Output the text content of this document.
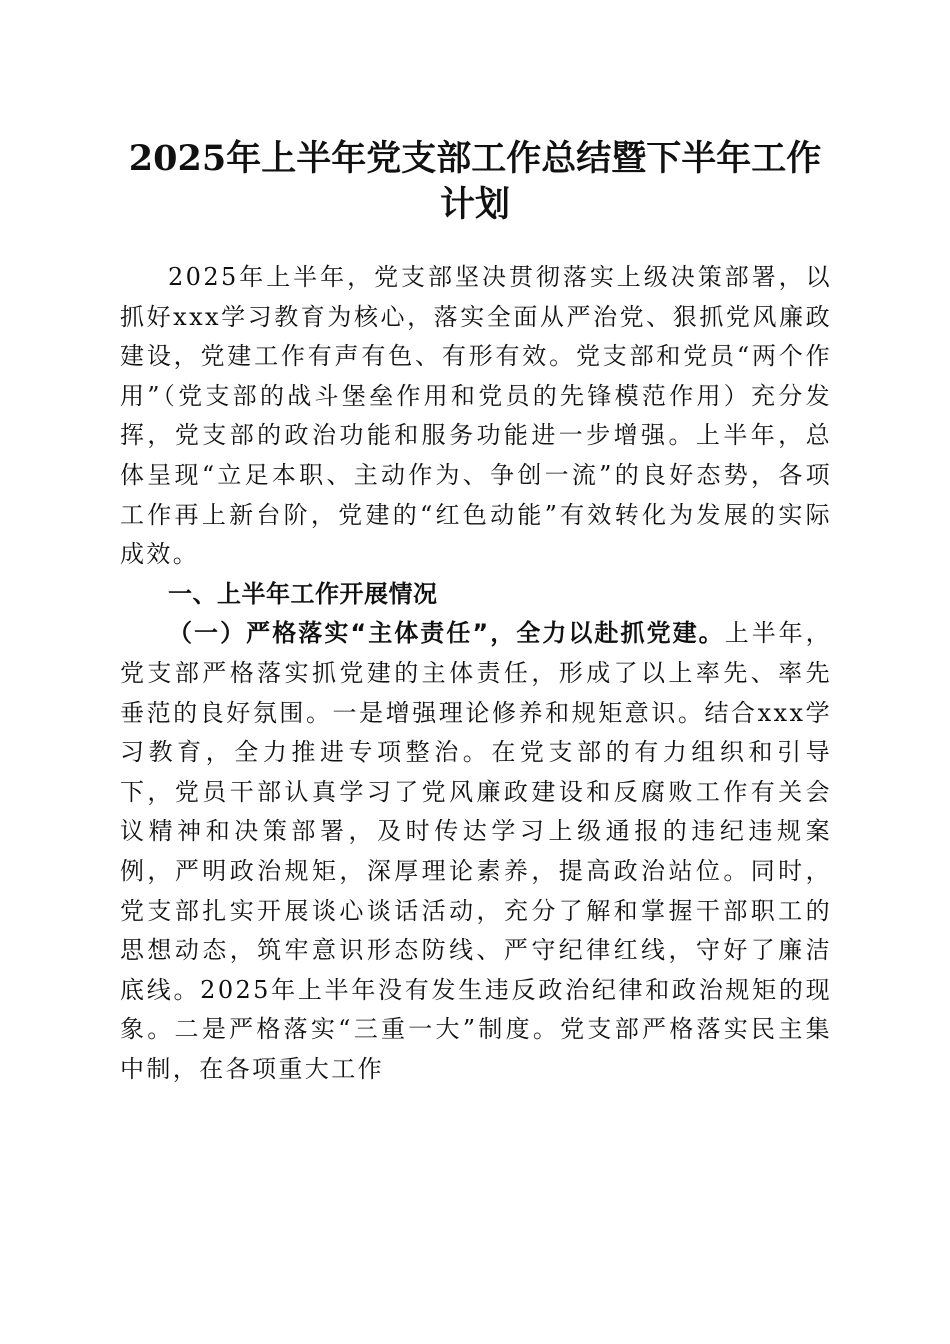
2025年上半年党支部工作总结暨下半年工作
计划

2025年上半年，党支部坚决贯彻落实上级决策部署，以抓好xxx学习教育为核心，落实全面从严治党、狠抓党风廉政建设，党建工作有声有色、有形有效。党支部和党员“两个作用”（党支部的战斗堡垒作用和党员的先锋模范作用）充分发挥，党支部的政治功能和服务功能进一步增强。上半年，总体呈现“立足本职、主动作为、争创一流”的良好态势，各项工作再上新台阶，党建的“红色动能”有效转化为发展的实际成效。

一、上半年工作开展情况

（一）严格落实“主体责任”，全力以赴抓党建。上半年，党支部严格落实抓党建的主体责任，形成了以上率先、率先垂范的良好氛围。一是增强理论修养和规矩意识。结合xxx学习教育，全力推进专项整治。在党支部的有力组织和引导下，党员干部认真学习了党风廉政建设和反腐败工作有关会议精神和决策部署，及时传达学习上级通报的违纪违规案例，严明政治规矩，深厚理论素养，提高政治站位。同时，党支部扎实开展谈心谈话活动，充分了解和掌握干部职工的思想动态，筑牢意识形态防线、严守纪律红线，守好了廉洁底线。2025年上半年没有发生违反政治纪律和政治规矩的现象。二是严格落实“三重一大”制度。党支部严格落实民主集中制，在各项重大工作
